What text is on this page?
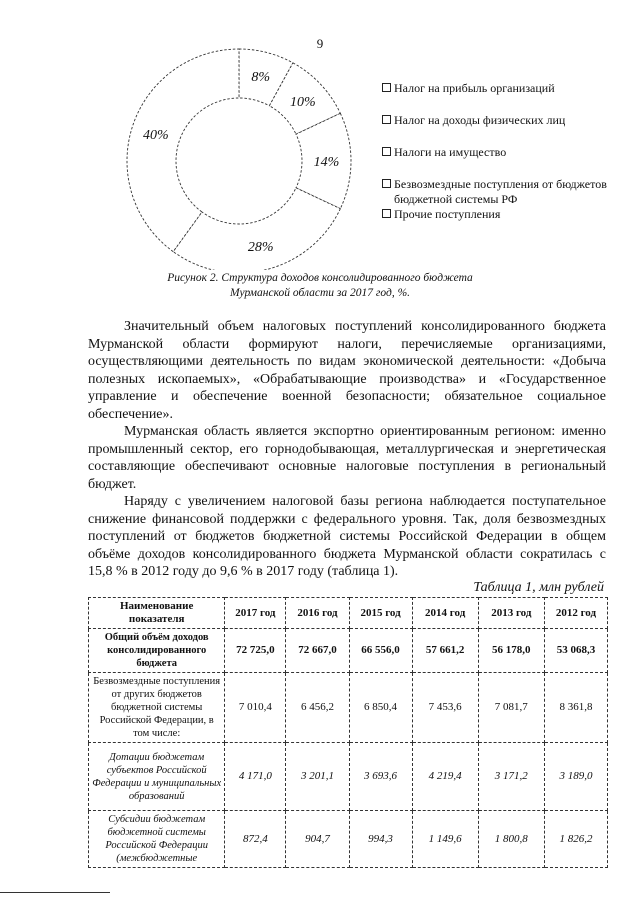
9
8%
10%
14%
28%
40%
Налог на прибыль организаций
Налог на доходы физических лиц
Налоги на имущество
Безвозмездные поступления от бюджетов
бюджетной системы РФ
Прочие поступления
Рисунок 2. Структура доходов консолидированного бюджета
Мурманской области за 2017 год, %.

Значительный объем налоговых поступлений консолидированного бюджета Мурманской области формируют налоги, перечисляемые организациями, осуществляющими деятельность по видам экономической деятельности: «Добыча полезных ископаемых», «Обрабатывающие производства» и «Государственное управление и обеспечение военной безопасности; обязательное социальное обеспечение».

Мурманская область является экспортно ориентированным регионом: именно промышленный сектор, его горнодобывающая, металлургическая и энергетическая составляющие обеспечивают основные налоговые поступления в региональный бюджет.

Наряду с увеличением налоговой базы региона наблюдается поступательное снижение финансовой поддержки с федерального уровня. Так, доля безвозмездных поступлений от бюджетов бюджетной системы Российской Федерации в общем объёме доходов консолидированного бюджета Мурманской области сократилась с 15,8 % в 2012 году до 9,6 % в 2017 году (таблица 1).

Таблица 1, млн рублей
Наименование показателя	2017 год	2016 год	2015 год	2014 год	2013 год	2012 год
Общий объём доходов консолидированного бюджета	72 725,0	72 667,0	66 556,0	57 661,2	56 178,0	53 068,3
Безвозмездные поступления от других бюджетов бюджетной системы Российской Федерации, в том числе:	7 010,4	6 456,2	6 850,4	7 453,6	7 081,7	8 361,8
Дотации бюджетам субъектов Российской Федерации и муниципальных образований	4 171,0	3 201,1	3 693,6	4 219,4	3 171,2	3 189,0
Субсидии бюджетам бюджетной системы Российской Федерации (межбюджетные	872,4	904,7	994,3	1 149,6	1 800,8	1 826,2
